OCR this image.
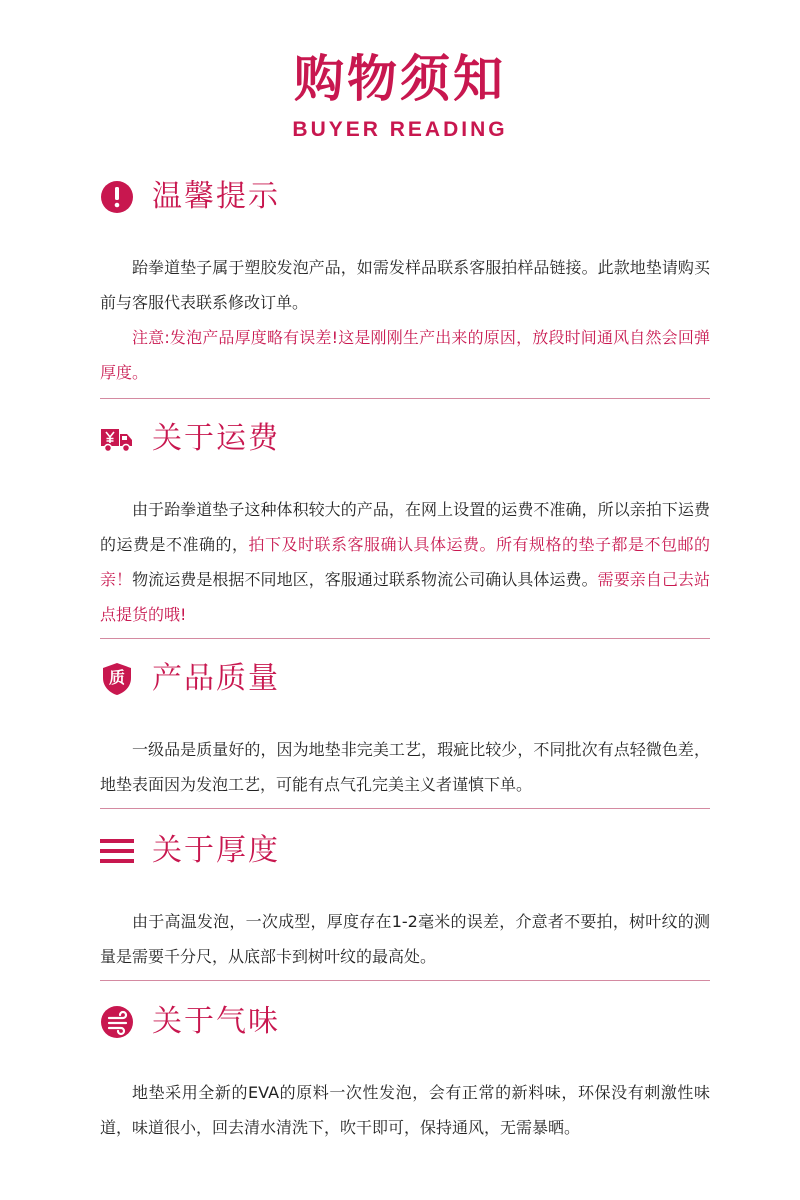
购物须知
BUYER READING
温馨提示

跆拳道垫子属于塑胶发泡产品，如需发样品联系客服拍样品链接。此款地垫请购买前与客服代表联系修改订单。

注意:发泡产品厚度略有误差!这是刚刚生产出来的原因，放段时间通风自然会回弹厚度。

关于运费

由于跆拳道垫子这种体积较大的产品，在网上设置的运费不准确，所以亲拍下运费的运费是不准确的，拍下及时联系客服确认具体运费。所有规格的垫子都是不包邮的亲！物流运费是根据不同地区，客服通过联系物流公司确认具体运费。需要亲自己去站点提货的哦!

质 产品质量

一级品是质量好的，因为地垫非完美工艺，瑕疵比较少，不同批次有点轻微色差，地垫表面因为发泡工艺，可能有点气孔完美主义者谨慎下单。

关于厚度

由于高温发泡，一次成型，厚度存在1-2毫米的误差，介意者不要拍，树叶纹的测量是需要千分尺，从底部卡到树叶纹的最高处。

关于气味

地垫采用全新的EVA的原料一次性发泡，会有正常的新料味，环保没有刺激性味道，味道很小，回去清水清洗下，吹干即可，保持通风，无需暴晒。
